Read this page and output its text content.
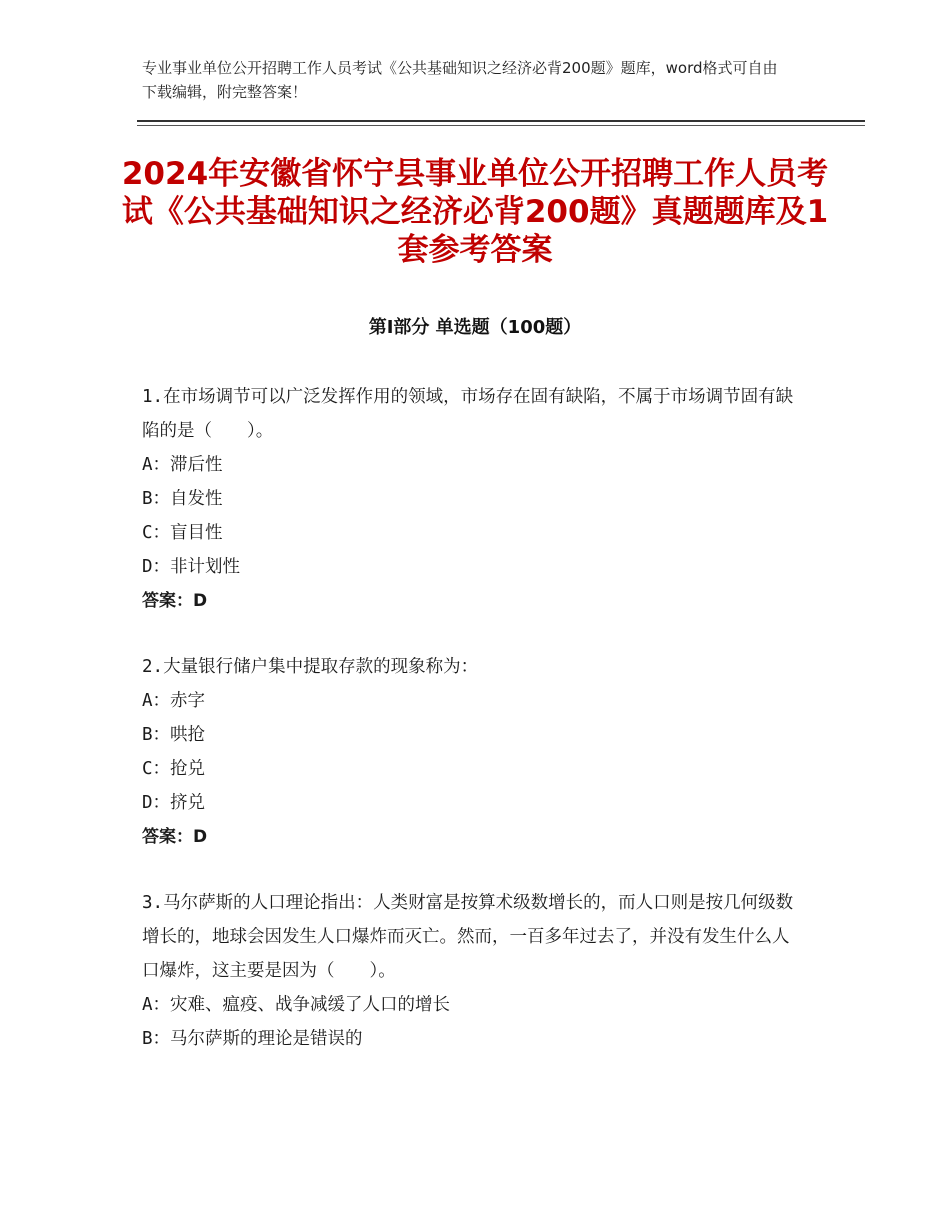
专业事业单位公开招聘工作人员考试《公共基础知识之经济必背200题》题库，word格式可自由下载编辑，附完整答案！
2024年安徽省怀宁县事业单位公开招聘工作人员考试《公共基础知识之经济必背200题》真题题库及1套参考答案
第Ⅰ部分 单选题（100题）

1.在市场调节可以广泛发挥作用的领域，市场存在固有缺陷，不属于市场调节固有缺陷的是（　　）。

A：滞后性

B：自发性

C：盲目性

D：非计划性

答案：D

2.大量银行储户集中提取存款的现象称为：

A：赤字

B：哄抢

C：抢兑

D：挤兑

答案：D

3.马尔萨斯的人口理论指出：人类财富是按算术级数增长的，而人口则是按几何级数增长的，地球会因发生人口爆炸而灭亡。然而，一百多年过去了，并没有发生什么人口爆炸，这主要是因为（　　）。

A：灾难、瘟疫、战争减缓了人口的增长

B：马尔萨斯的理论是错误的
